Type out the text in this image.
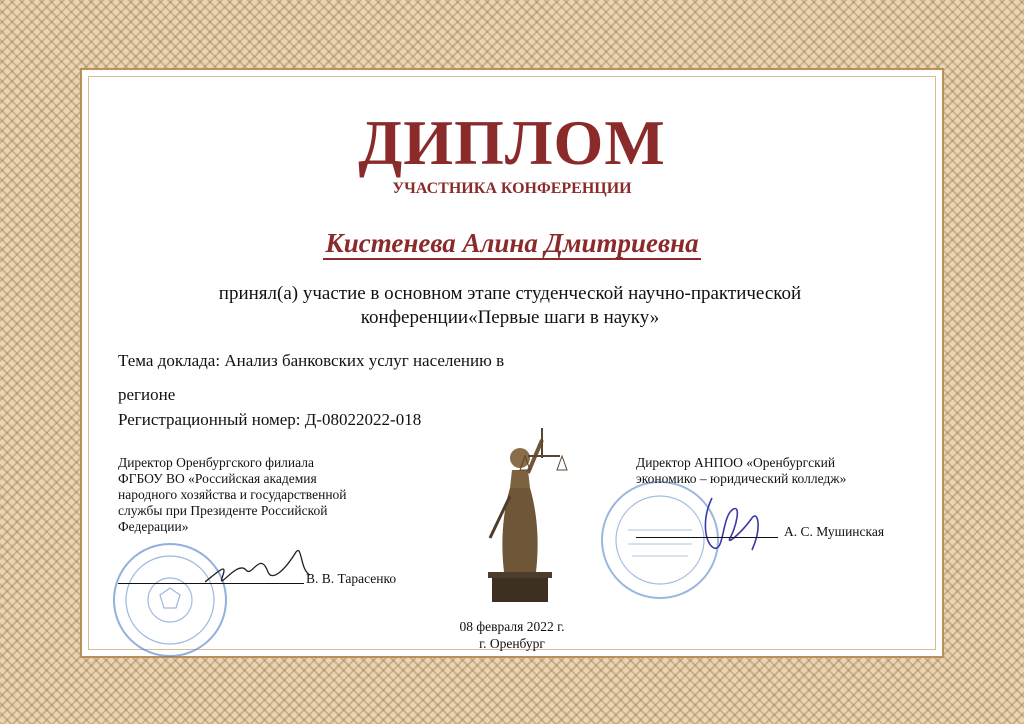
ДИПЛОМ
УЧАСТНИКА КОНФЕРЕНЦИИ
Кистенева Алина Дмитриевна
принял(а) участие в основном этапе студенческой научно-практической
конференции«Первые шаги в науку»
Тема доклада: Анализ банковских услуг населению в
регионе
Регистрационный номер: Д-08022022-018
Директор Оренбургского филиала
ФГБОУ ВО «Российская академия
народного хозяйства и государственной
службы при Президенте Российской
Федерации»
В. В. Тарасенко
08 февраля 2022 г.
г. Оренбург
Директор АНПОО «Оренбургский
экономико – юридический колледж»
А. С. Мушинская
